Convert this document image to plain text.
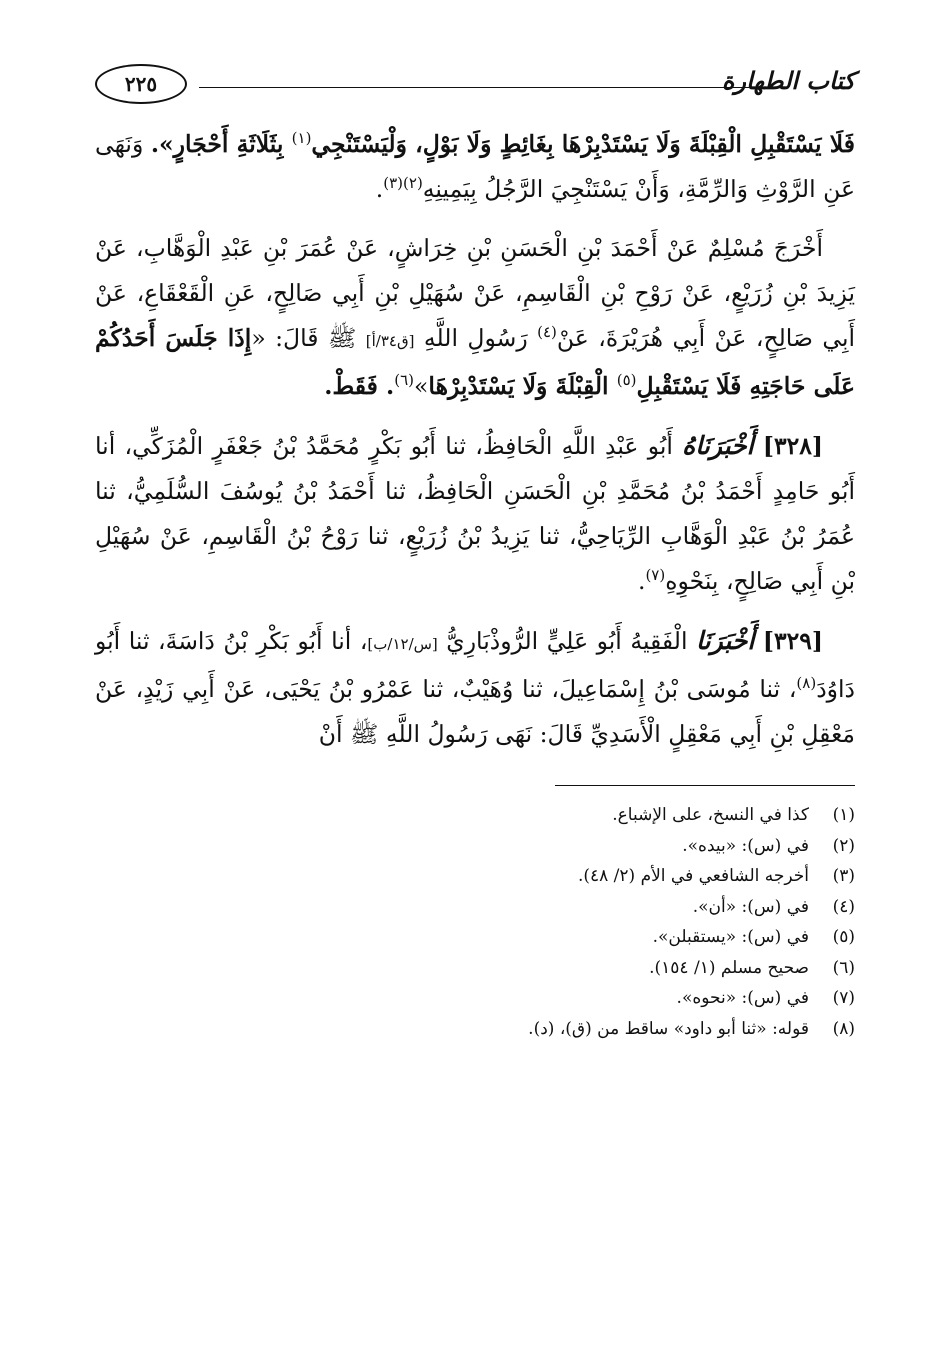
كتاب الطهارة
٢٢٥

فَلَا يَسْتَقْبِلِ الْقِبْلَةَ وَلَا يَسْتَدْبِرْهَا بِغَائِطٍ وَلَا بَوْلٍ، وَلْيَسْتَنْجِي$^{(١)}$ بِثَلَاثَةِ أَحْجَارٍ». وَنَهَى عَنِ الرَّوْثِ وَالرِّمَّةِ، وَأَنْ يَسْتَنْجِيَ الرَّجُلُ بِيَمِينِهِ$^{(٢)(٣)}$.

أَخْرَجَ مُسْلِمٌ عَنْ أَحْمَدَ بْنِ الْحَسَنِ بْنِ خِرَاشٍ، عَنْ عُمَرَ بْنِ عَبْدِ الْوَهَّابِ، عَنْ يَزِيدَ بْنِ زُرَيْعٍ، عَنْ رَوْحِ بْنِ الْقَاسِمِ، عَنْ سُهَيْلِ بْنِ أَبِي صَالِحٍ، عَنِ الْقَعْقَاعِ، عَنْ أَبِي صَالِحٍ، عَنْ أَبِي هُرَيْرَةَ، عَنْ$^{(٤)}$ رَسُولِ اللَّهِ [ق٣٤/أ] ﷺ قَالَ: «إِذَا جَلَسَ أَحَدُكُمْ عَلَى حَاجَتِهِ فَلَا يَسْتَقْبِلِ$^{(٥)}$ الْقِبْلَةَ وَلَا يَسْتَدْبِرْهَا»$^{(٦)}$. فَقَطْ.

[٣٢٨] أَخْبَرَنَاهُ أَبُو عَبْدِ اللَّهِ الْحَافِظُ، ثنا أَبُو بَكْرٍ مُحَمَّدُ بْنُ جَعْفَرٍ الْمُزَكِّي، أنا أَبُو حَامِدٍ أَحْمَدُ بْنُ مُحَمَّدِ بْنِ الْحَسَنِ الْحَافِظُ، ثنا أَحْمَدُ بْنُ يُوسُفَ السُّلَمِيُّ، ثنا عُمَرُ بْنُ عَبْدِ الْوَهَّابِ الرِّيَاحِيُّ، ثنا يَزِيدُ بْنُ زُرَيْعٍ، ثنا رَوْحُ بْنُ الْقَاسِمِ، عَنْ سُهَيْلِ بْنِ أَبِي صَالِحٍ، بِنَحْوِهِ$^{(٧)}$.

[٣٢٩] أَخْبَرَنَا الْفَقِيهُ أَبُو عَلِيٍّ الرُّوذْبَارِيُّ [س/١٢/ب]، أنا أَبُو بَكْرِ بْنُ دَاسَةَ، ثنا أَبُو دَاوُدَ$^{(٨)}$، ثنا مُوسَى بْنُ إِسْمَاعِيلَ، ثنا وُهَيْبٌ، ثنا عَمْرُو بْنُ يَحْيَى، عَنْ أَبِي زَيْدٍ، عَنْ مَعْقِلِ بْنِ أَبِي مَعْقِلٍ الْأَسَدِيِّ قَالَ: نَهَى رَسُولُ اللَّهِ ﷺ أَنْ

(١)
كذا في النسخ، على الإشباع.
(٢)
في (س): «بيده».
(٣)
أخرجه الشافعي في الأم (٢/ ٤٨).
(٤)
في (س): «أن».
(٥)
في (س): «يستقبلن».
(٦)
صحيح مسلم (١/ ١٥٤).
(٧)
في (س): «نحوه».
(٨)
قوله: «ثنا أبو داود» ساقط من (ق)، (د).
